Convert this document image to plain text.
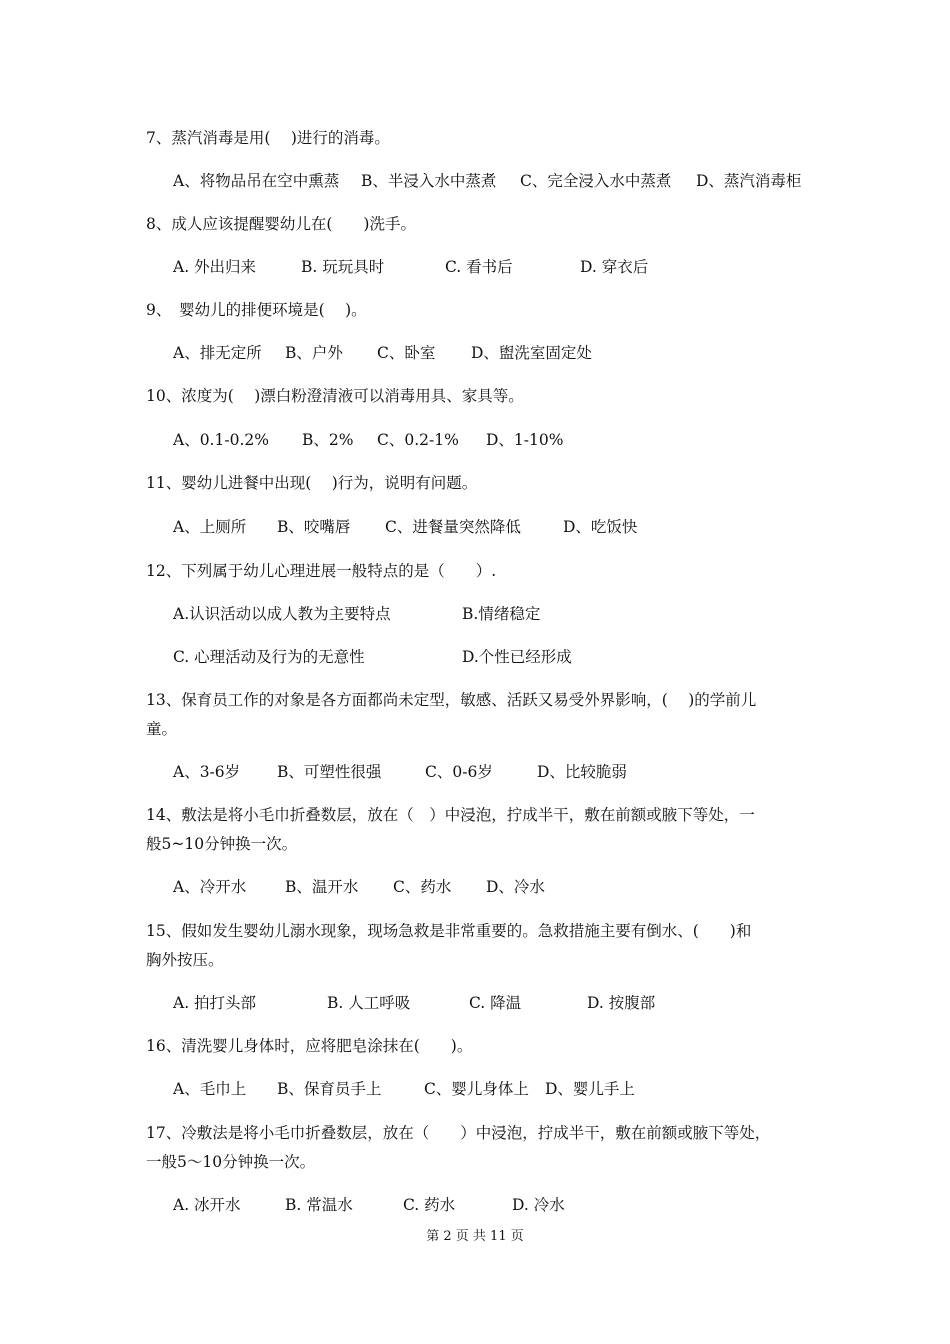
7、蒸汽消毒是用(　 )进行的消毒。
A、将物品吊在空中熏蒸 B、半浸入水中蒸煮 C、完全浸入水中蒸煮 D、蒸汽消毒柜
8、成人应该提醒婴幼儿在(　　)洗手。
A. 外出归来	B. 玩玩具时	C. 看书后	D. 穿衣后
9、　婴幼儿的排便环境是(　 )。
A、排无定所 B、户外 C、卧室 D、盥洗室固定处
10、浓度为(　 )漂白粉澄清液可以消毒用具、家具等。
A、0.1-0.2% B、2% C、0.2-1% D、1-10%
11、婴幼儿进餐中出现(　 )行为，说明有问题。
A、上厕所 B、咬嘴唇 C、进餐量突然降低	D、吃饭快
12、下列属于幼儿心理进展一般特点的是（　　）.
A.认识活动以成人教为主要特点	B.情绪稳定
C. 心理活动及行为的无意性	D.个性已经形成
13、保育员工作的对象是各方面都尚未定型，敏感、活跃又易受外界影响，(　 )的学前儿
童。
A、3-6岁 B、可塑性很强	C、0-6岁	D、比较脆弱
14、敷法是将小毛巾折叠数层，放在（　）中浸泡，拧成半干，敷在前额或腋下等处，一
般5~10分钟换一次。
A、冷开水	B、温开水 C、药水 D、冷水
15、假如发生婴幼儿溺水现象，现场急救是非常重要的。急救措施主要有倒水、(　　)和
胸外按压。
A. 拍打头部	B. 人工呼吸	C. 降温	D. 按腹部
16、清洗婴儿身体时，应将肥皂涂抹在(　　)。
A、毛巾上 B、保育员手上	C、婴儿身体上 D、婴儿手上
17、冷敷法是将小毛巾折叠数层，放在（　　）中浸泡，拧成半干，敷在前额或腋下等处，
一般5～10分钟换一次。
A. 冰开水	B. 常温水	C. 药水	D. 冷水
第 2 页 共 11 页
